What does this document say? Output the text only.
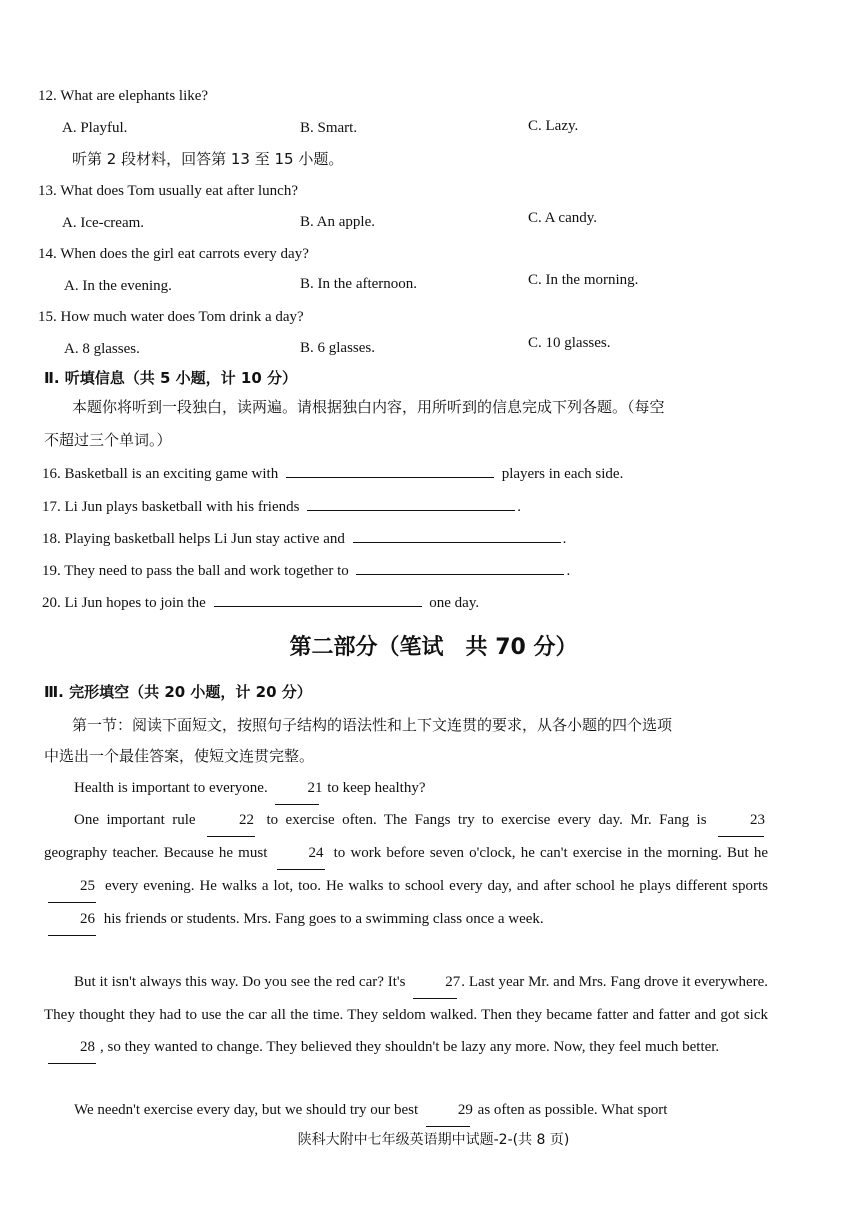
12. What are elephants like?
A. Playful.	B. Smart.	C. Lazy.
听第 2 段材料，回答第 13 至 15 小题。
13. What does Tom usually eat after lunch?
A. Ice-cream.	B. An apple.	C. A candy.
14. When does the girl eat carrots every day?
A. In the evening.	B. In the afternoon.	C. In the morning.
15. How much water does Tom drink a day?
A. 8 glasses.	B. 6 glasses.	C. 10 glasses.
Ⅱ. 听填信息（共 5 小题，计 10 分）
本题你将听到一段独白，读两遍。请根据独白内容，用所听到的信息完成下列各题。（每空
不超过三个单词。）
16. Basketball is an exciting game with	players in each side.
17. Li Jun plays basketball with his friends	.
18. Playing basketball helps Li Jun stay active and	.
19. They need to pass the ball and work together to	.
20. Li Jun hopes to join the	one day.
第二部分（笔试　共 70 分）
Ⅲ. 完形填空（共 20 小题，计 20 分）
第一节：阅读下面短文，按照句子结构的语法性和上下文连贯的要求，从各小题的四个选项
中选出一个最佳答案，使短文连贯完整。
Health is important to everyone.	21 to keep healthy?
One important rule	22 to exercise often. The Fangs try to exercise every day. Mr. Fang is	23 geography teacher. Because he must	24 to work before seven o'clock, he can't exercise in the morning. But he 25 every evening. He walks a lot, too. He walks to school every day, and after school he plays different sports 26 his friends or students. Mrs. Fang goes to a swimming class once a week.
But it isn't always this way. Do you see the red car? It's	27. Last year Mr. and Mrs. Fang drove it everywhere. They thought they had to use the car all the time. They seldom walked. Then they became fatter and fatter and got sick 28 , so they wanted to change. They believed they shouldn't be lazy any more. Now, they feel much better.
We needn't exercise every day, but we should try our best	29 as often as possible. What sport
陕科大附中七年级英语期中试题-2-(共 8 页)
